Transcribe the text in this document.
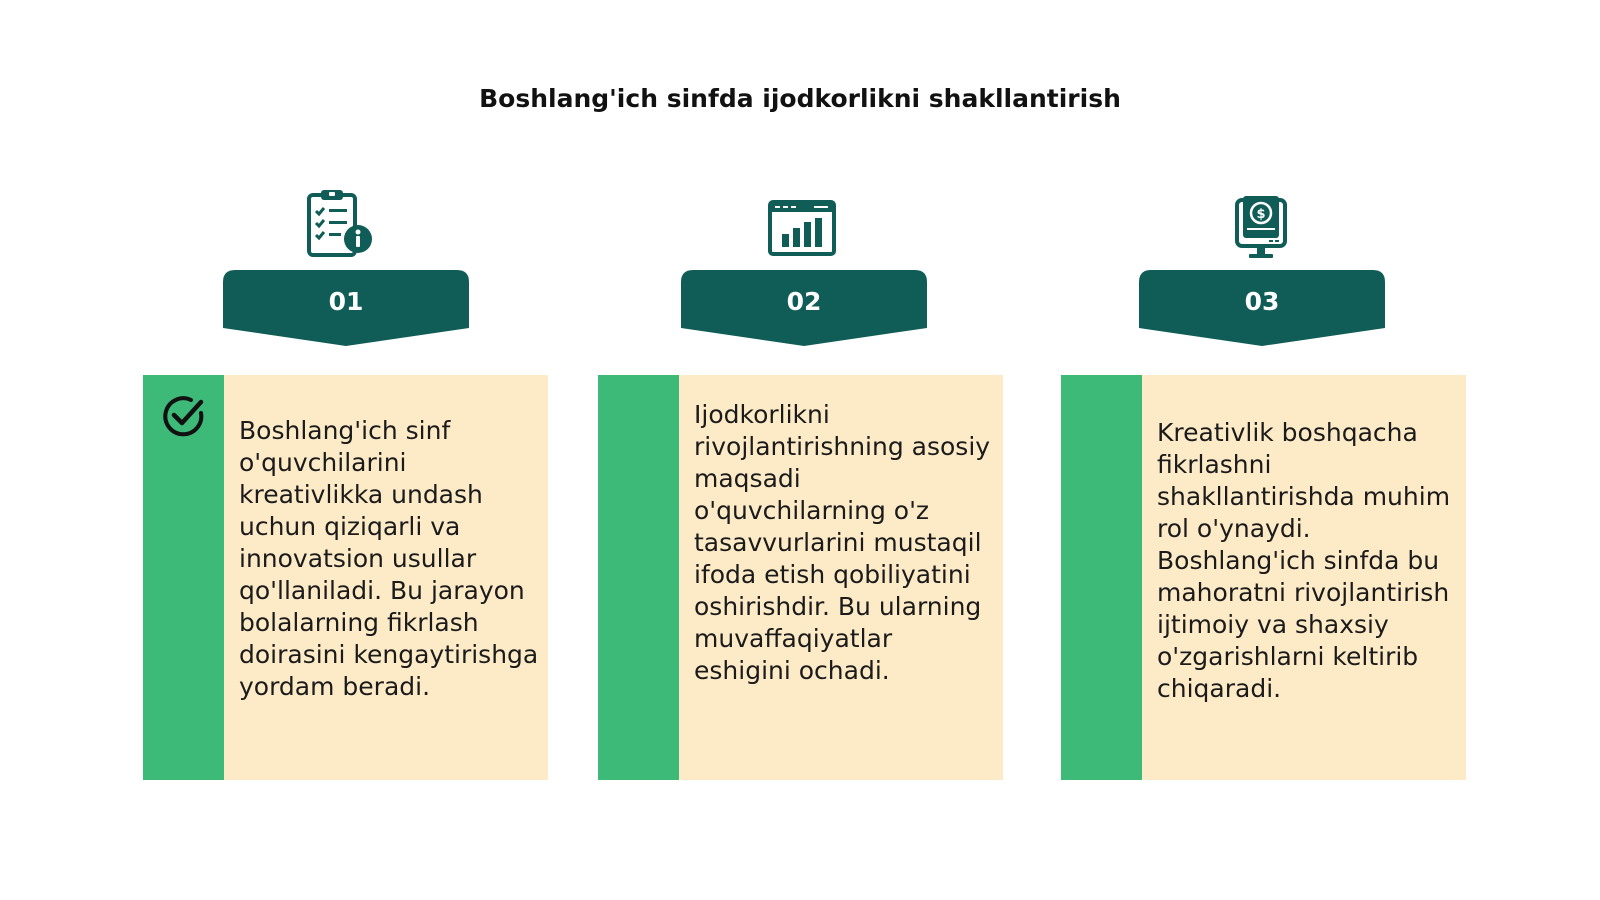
Boshlang'ich sinfda ijodkorlikni shakllantirish
01
Boshlang'ich sinf o'quvchilarini kreativlikka undash uchun qiziqarli va innovatsion usullar qo'llaniladi. Bu jarayon bolalarning fikrlash doirasini kengaytirishga yordam beradi.
02
Ijodkorlikni rivojlantirishning asosiy maqsadi o'quvchilarning o'z tasavvurlarini mustaqil ifoda etish qobiliyatini oshirishdir. Bu ularning muvaffaqiyatlar eshigini ochadi.
$
03
Kreativlik boshqacha fikrlashni shakllantirishda muhim rol o'ynaydi. Boshlang'ich sinfda bu mahoratni rivojlantirish ijtimoiy va shaxsiy o'zgarishlarni keltirib chiqaradi.
